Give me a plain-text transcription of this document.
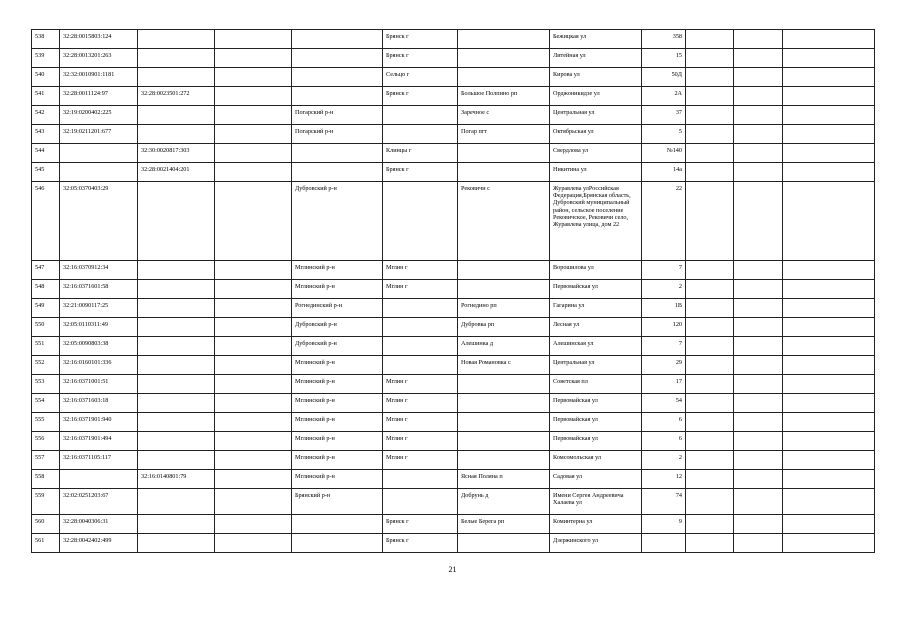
538	32:28:0015803:124				Брянск г		Бежицкая ул	358			
539	32:28:0013201:263				Брянск г		Литейная ул	15			
540	32:32:0010901:1181				Сельцо г		Кирова ул	50Д			
541	32:28:0011124:97	32:28:0023501:272			Брянск г	Большое Полпино рп	Орджоникидзе ул	2А			
542	32:19:0200402:225			Погарский р-н		Заречное с	Центральная ул	37			
543	32:19:0211201:677			Погарский р-н		Погар пгт	Октябрьская ул	5			
544		32:30:0020817:303			Клинцы г		Свердлова ул	№140			
545		32:28:0021404:201			Брянск г		Никитина ул	14а			
546	32:05:0370403:29			Дубровский р-н		Рековичи с	Журавлева улРоссийская Федерация,Брянская область, Дубровский муниципальный район, сельское поселение Рековичское, Рековичи село, Журавлева улица, дом 22	22			
547	32:16:0370912:34			Мглинский р-н	Мглин г		Ворошилова ул	7			
548	32:16:0371601:58			Мглинский р-н	Мглин г		Первомайская ул	2			
549	32:21:0090117:25			Рогнединский р-н		Рогнедино рп	Гагарина ул	1В			
550	32:05:0110311:49			Дубровский р-н		Дубровка рп	Лесная ул	120			
551	32:05:0090803:38			Дубровский р-н		Алешинка д	Алешинская ул	7			
552	32:16:0160101:336			Мглинский р-н		Новая Романовка с	Центральная ул	29			
553	32:16:0371001:51			Мглинский р-н	Мглин г		Советская пл	17			
554	32:16:0371603:18			Мглинский р-н	Мглин г		Первомайская ул	54			
555	32:16:0371901:940			Мглинский р-н	Мглин г		Первомайская ул	6			
556	32:16:0371901:494			Мглинский р-н	Мглин г		Первомайская ул	6			
557	32:16:0371105:117			Мглинский р-н	Мглин г		Комсомольская ул	2			
558		32:16:0140801:79		Мглинский р-н		Ясная Поляна п	Садовая ул	12			
559	32:02:0251203:67			Брянский р-н		Добрунь д	Имени Сергея Андреевича Халаева ул	74			
560	32:28:0040306:31				Брянск г	Белые Берега рп	Коминтерна ул	9			
561	32:28:0042402:499				Брянск г		Дзержинского ул				
21
